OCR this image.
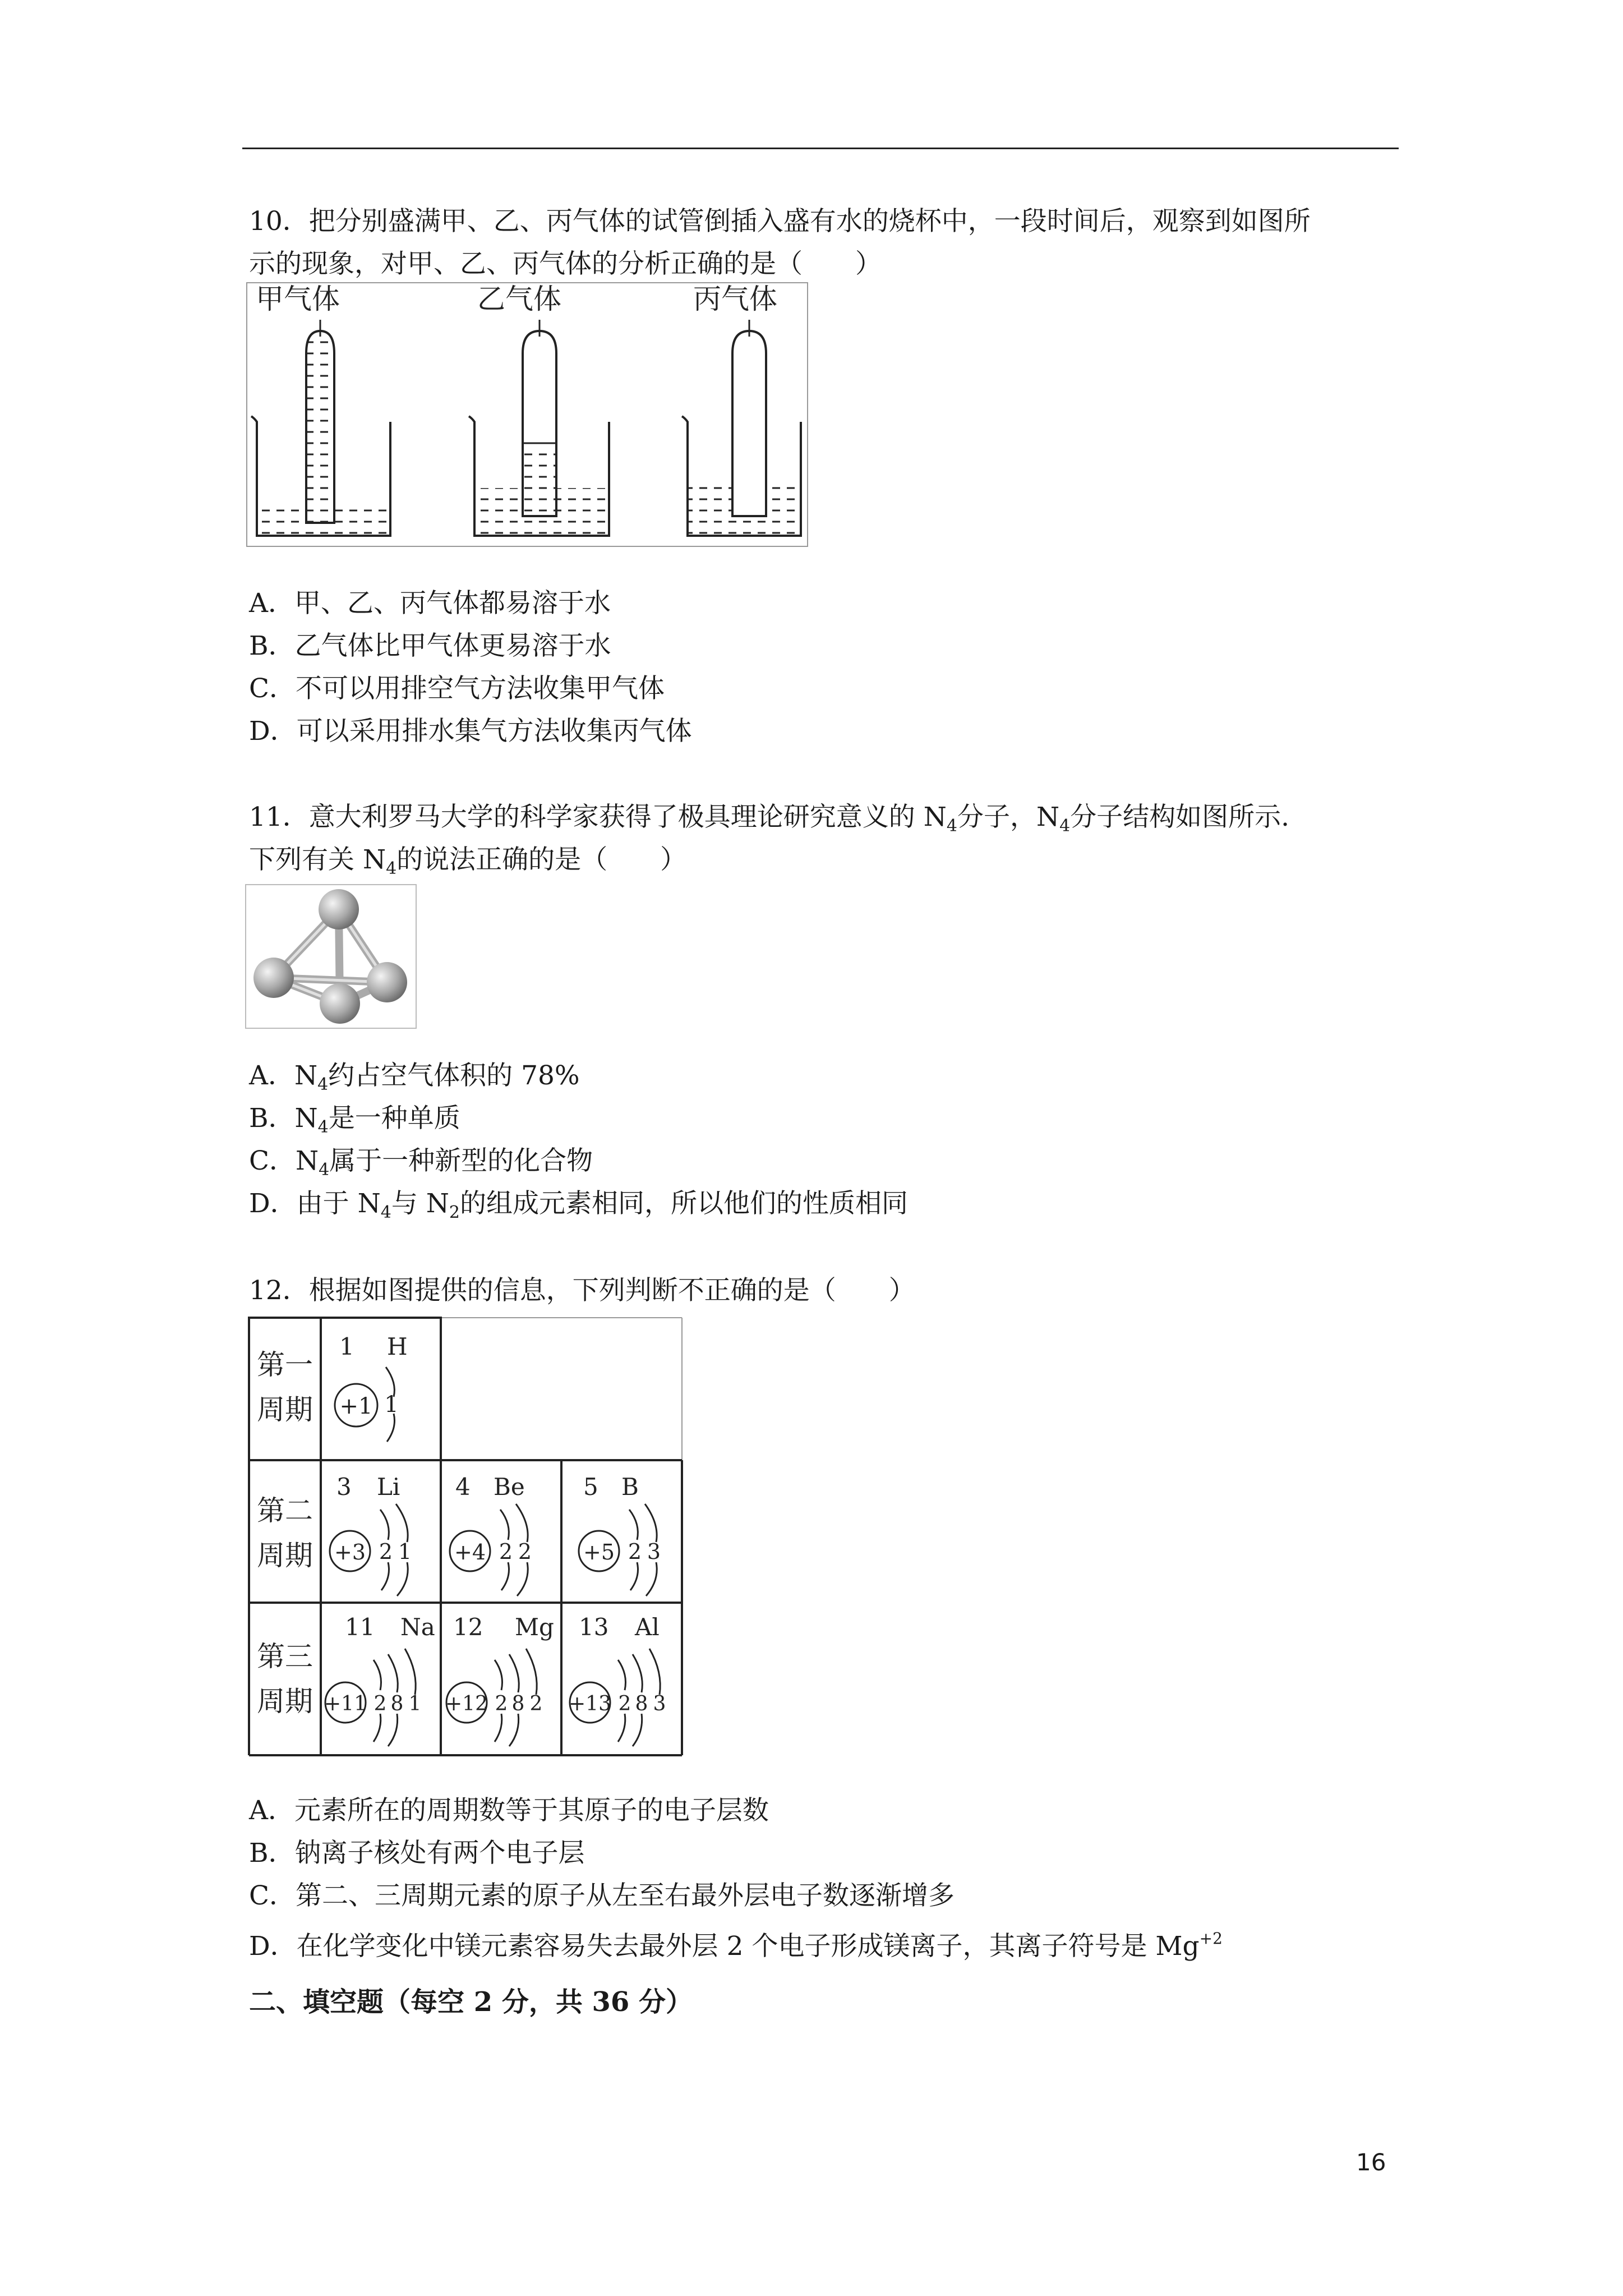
10．把分别盛满甲、乙、丙气体的试管倒插入盛有水的烧杯中，一段时间后，观察到如图所
示的现象，对甲、乙、丙气体的分析正确的是（　　）
甲气体	乙气体	丙气体
A．甲、乙、丙气体都易溶于水
B．乙气体比甲气体更易溶于水
C．不可以用排空气方法收集甲气体
D．可以采用排水集气方法收集丙气体
11．意大利罗马大学的科学家获得了极具理论研究意义的 $N_4$分子，$N_4$分子结构如图所示.
下列有关 $N_4$的说法正确的是（　　）
A．$N_4$约占空气体积的 78%
B．$N_4$是一种单质
C．$N_4$属于一种新型的化合物
D．由于 $N_4$与 $N_2$的组成元素相同，所以他们的性质相同
12．根据如图提供的信息，下列判断不正确的是（　　）
第一
周期
第二
周期
第三
周期
1 H
+1 1
3 Li
+3 2 1
4 Be
+4 2 2
5 B
+5 2 3
11 Na
+11 2 8 1
12 Mg
+12 2 8 2
13 Al
+13 2 8 3
A．元素所在的周期数等于其原子的电子层数
B．钠离子核处有两个电子层
C．第二、三周期元素的原子从左至右最外层电子数逐渐增多
二、填空题（每空 2 分，共 36 分）
D．在化学变化中镁元素容易失去最外层 2 个电子形成镁离子，其离子符号是 $Mg^{+2}$
16
